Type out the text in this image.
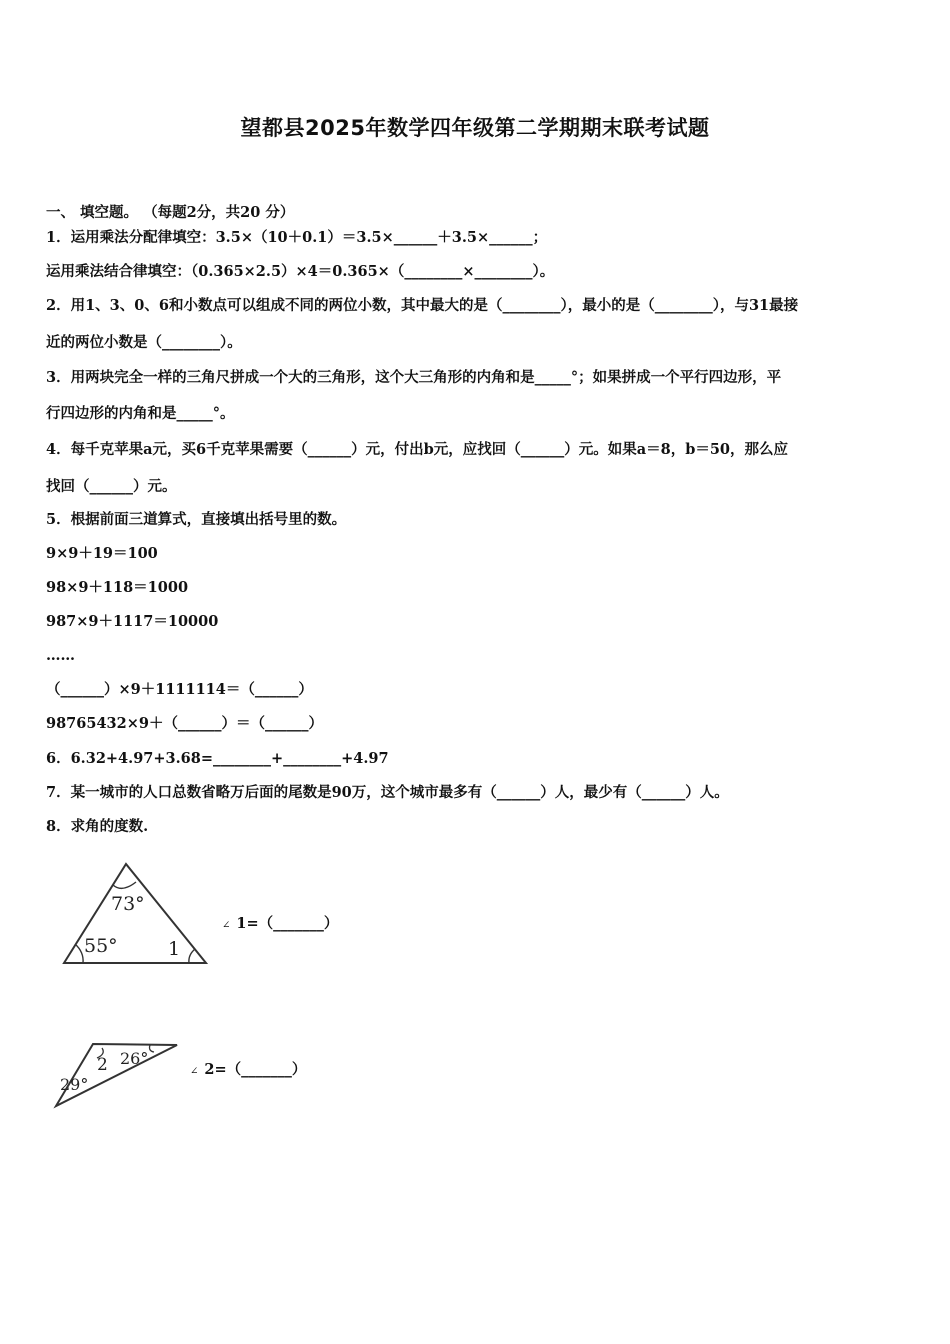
望都县2025年数学四年级第二学期期末联考试题
一、 填空题。 （每题2分，共20 分）
1．运用乘法分配律填空：3.5×（10＋0.1）＝3.5×______＋3.5×______；
运用乘法结合律填空：（0.365×2.5）×4＝0.365×（________×________）。
2．用1、3、0、6和小数点可以组成不同的两位小数，其中最大的是（________），最小的是（________），与31最接
近的两位小数是（________）。
3．用两块完全一样的三角尺拼成一个大的三角形，这个大三角形的内角和是_____°；如果拼成一个平行四边形，平
行四边形的内角和是_____°。
4．每千克苹果a元，买6千克苹果需要（______）元，付出b元，应找回（______）元。如果a＝8，b＝50，那么应
找回（______）元。
5．根据前面三道算式，直接填出括号里的数。
9×9＋19＝100
98×9＋118＝1000
987×9＋1117＝10000
……
（______）×9＋1111114＝（______）
98765432×9＋（______）＝（______）
6．6.32+4.97+3.68=________+________+4.97
7．某一城市的人口总数省略万后面的尾数是90万，这个城市最多有（______）人，最少有（______）人。
8．求角的度数.
73°
55°	1
∠ 1=（_______）
2 26°
29°
∠ 2=（_______）
